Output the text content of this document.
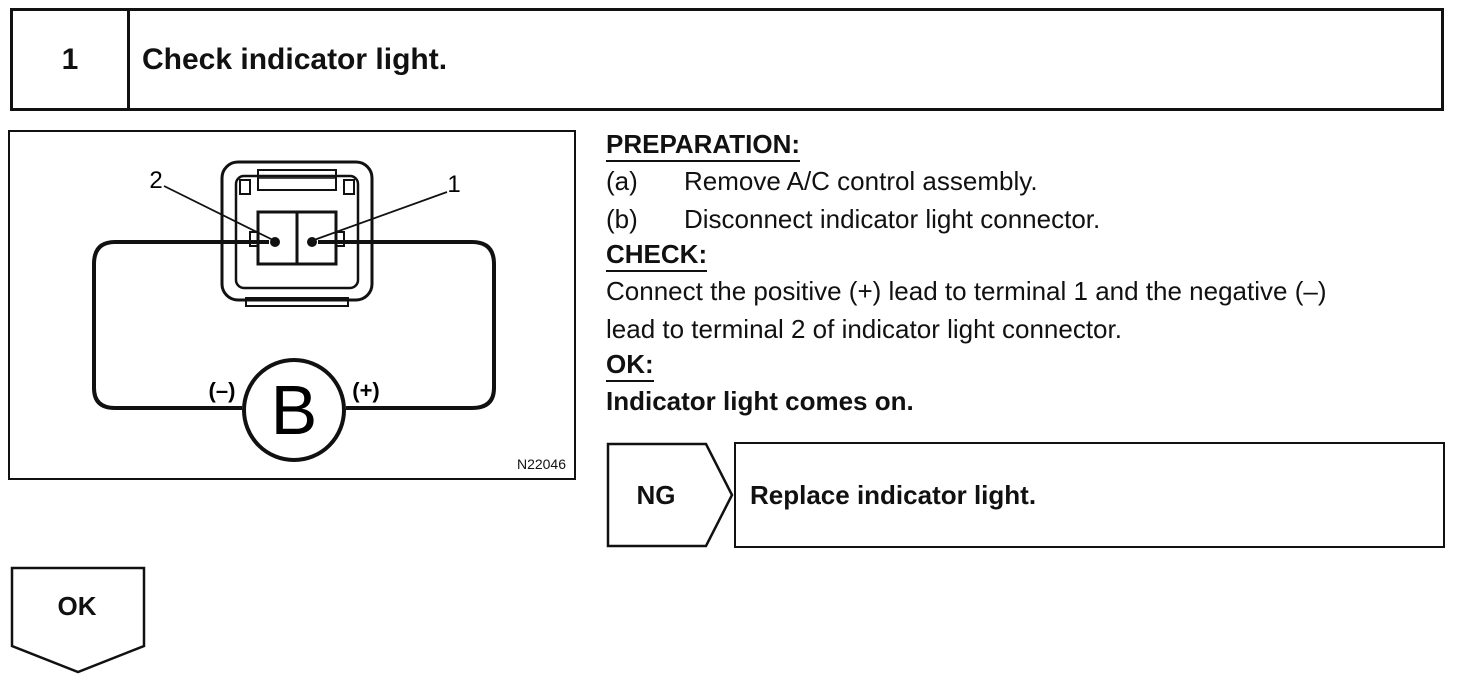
1	Check indicator light.
2	1
B
(–)	(+)
N22046
PREPARATION:
(a)	Remove A/C control assembly.
(b)	Disconnect indicator light connector.
CHECK:
Connect the positive (+) lead to terminal 1 and the negative (–)
lead to terminal 2 of indicator light connector.
OK:
Indicator light comes on.
NG	Replace indicator light.
OK
